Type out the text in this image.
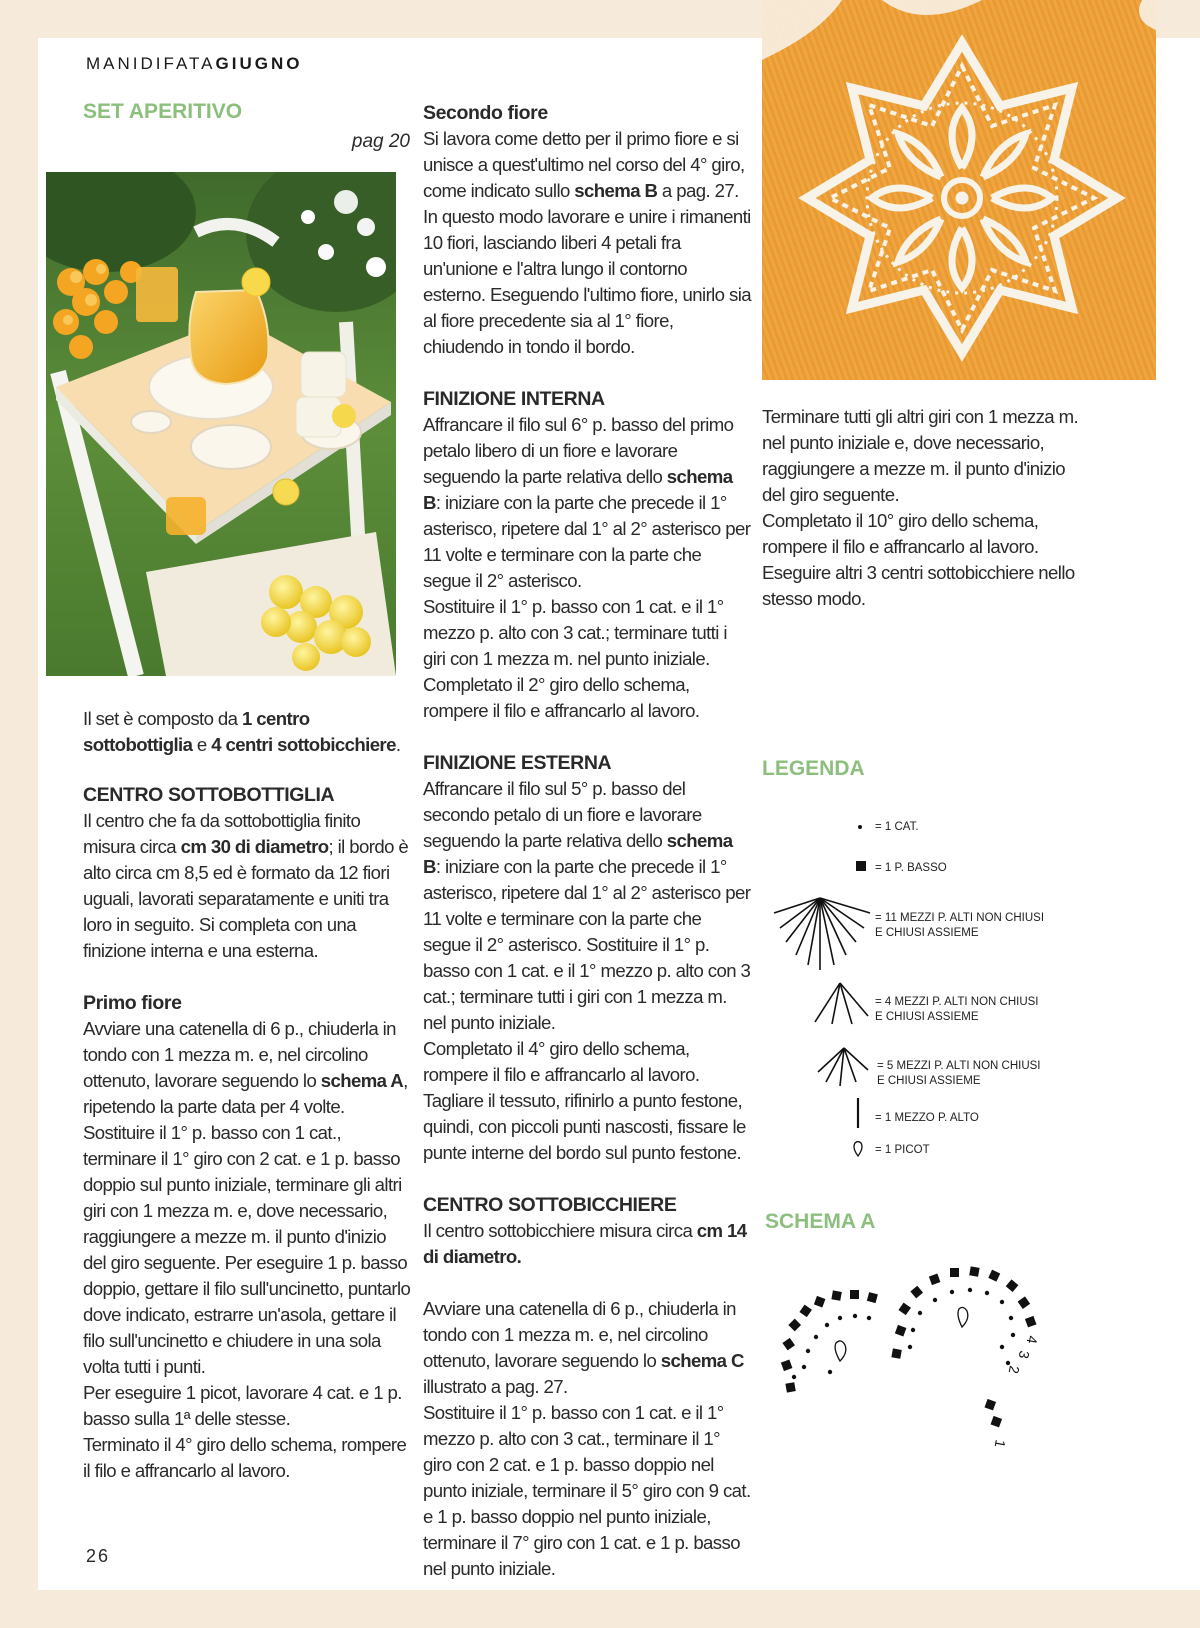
MANIDIFATAGIUGNO
SET APERITIVO
pag 20

Il set è composto da 1 centro sottobottiglia e 4 centri sottobicchiere.

CENTRO SOTTOBOTTIGLIA

Il centro che fa da sottobottiglia finito misura circa cm 30 di diametro; il bordo è alto circa cm 8,5 ed è formato da 12 fiori uguali, lavorati separatamente e uniti tra loro in seguito. Si completa con una finizione interna e una esterna.

Primo fiore

Avviare una catenella di 6 p., chiuderla in tondo con 1 mezza m. e, nel circolino ottenuto, lavorare seguendo lo schema A, ripetendo la parte data per 4 volte. Sostituire il 1° p. basso con 1 cat., terminare il 1° giro con 2 cat. e 1 p. basso doppio sul punto iniziale, terminare gli altri giri con 1 mezza m. e, dove necessario, raggiungere a mezze m. il punto d'inizio del giro seguente. Per eseguire 1 p. basso doppio, gettare il filo sull'uncinetto, puntarlo dove indicato, estrarre un'asola, gettare il filo sull'uncinetto e chiudere in una sola volta tutti i punti.

Per eseguire 1 picot, lavorare 4 cat. e 1 p. basso sulla 1ª delle stesse.

Terminato il 4° giro dello schema, rompere il filo e affrancarlo al lavoro.

Secondo fiore

Si lavora come detto per il primo fiore e si unisce a quest'ultimo nel corso del 4° giro, come indicato sullo schema B a pag. 27. In questo modo lavorare e unire i rimanenti 10 fiori, lasciando liberi 4 petali fra un'unione e l'altra lungo il contorno esterno. Eseguendo l'ultimo fiore, unirlo sia al fiore precedente sia al 1° fiore, chiudendo in tondo il bordo.

FINIZIONE INTERNA

Affrancare il filo sul 6° p. basso del primo petalo libero di un fiore e lavorare seguendo la parte relativa dello schema B: iniziare con la parte che precede il 1° asterisco, ripetere dal 1° al 2° asterisco per 11 volte e terminare con la parte che segue il 2° asterisco.

Sostituire il 1° p. basso con 1 cat. e il 1° mezzo p. alto con 3 cat.; terminare tutti i giri con 1 mezza m. nel punto iniziale.

Completato il 2° giro dello schema, rompere il filo e affrancarlo al lavoro.

FINIZIONE ESTERNA

Affrancare il filo sul 5° p. basso del secondo petalo di un fiore e lavorare seguendo la parte relativa dello schema B: iniziare con la parte che precede il 1° asterisco, ripetere dal 1° al 2° asterisco per 11 volte e terminare con la parte che segue il 2° asterisco. Sostituire il 1° p. basso con 1 cat. e il 1° mezzo p. alto con 3 cat.; terminare tutti i giri con 1 mezza m. nel punto iniziale.

Completato il 4° giro dello schema, rompere il filo e affrancarlo al lavoro.

Tagliare il tessuto, rifinirlo a punto festone, quindi, con piccoli punti nascosti, fissare le punte interne del bordo sul punto festone.

CENTRO SOTTOBICCHIERE

Il centro sottobicchiere misura circa cm 14 di diametro.

Avviare una catenella di 6 p., chiuderla in tondo con 1 mezza m. e, nel circolino ottenuto, lavorare seguendo lo schema C illustrato a pag. 27.

Sostituire il 1° p. basso con 1 cat. e il 1° mezzo p. alto con 3 cat., terminare il 1° giro con 2 cat. e 1 p. basso doppio nel punto iniziale, terminare il 5° giro con 9 cat. e 1 p. basso doppio nel punto iniziale, terminare il 7° giro con 1 cat. e 1 p. basso nel punto iniziale.

Terminare tutti gli altri giri con 1 mezza m. nel punto iniziale e, dove necessario, raggiungere a mezze m. il punto d'inizio del giro seguente.

Completato il 10° giro dello schema, rompere il filo e affrancarlo al lavoro.

Eseguire altri 3 centri sottobicchiere nello stesso modo.

LEGENDA
= 1 CAT.
= 1 P. BASSO
= 11 MEZZI P. ALTI NON CHIUSI
E CHIUSI ASSIEME
= 4 MEZZI P. ALTI NON CHIUSI
E CHIUSI ASSIEME
= 5 MEZZI P. ALTI NON CHIUSI
E CHIUSI ASSIEME
= 1 MEZZO P. ALTO
= 1 PICOT
SCHEMA A
1
2
3
4
26
